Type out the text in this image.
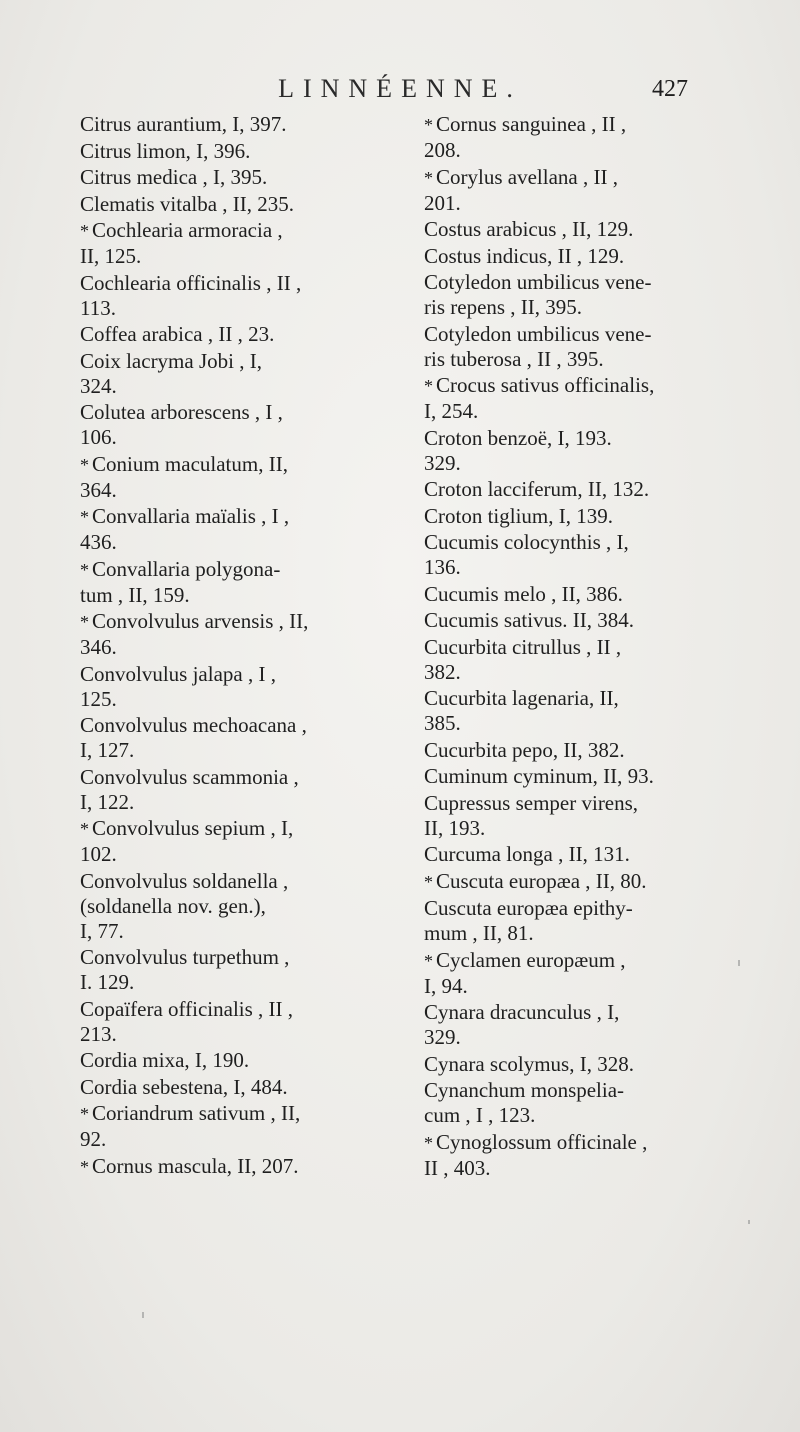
LINNÉENNE.	427
Citrus aurantium, I, 397.
Citrus limon, I, 396.
Citrus medica , I, 395.
Clematis vitalba , II, 235.
* Cochlearia armoracia ,
II, 125.
Cochlearia officinalis , II ,
113.
Coffea arabica , II , 23.
Coix lacryma Jobi , I,
324.
Colutea arborescens , I ,
106.
* Conium maculatum, II,
364.
* Convallaria maïalis , I ,
436.
* Convallaria polygona-
tum , II, 159.
* Convolvulus arvensis , II,
346.
Convolvulus jalapa , I ,
125.
Convolvulus mechoacana ,
I, 127.
Convolvulus scammonia ,
I, 122.
* Convolvulus sepium , I,
102.
Convolvulus soldanella ,
(soldanella nov. gen.),
I, 77.
Convolvulus turpethum ,
I. 129.
Copaïfera officinalis , II ,
213.
Cordia mixa, I, 190.
Cordia sebestena, I, 484.
* Coriandrum sativum , II,
92.
* Cornus mascula, II, 207.
* Cornus sanguinea , II ,
208.
* Corylus avellana , II ,
201.
Costus arabicus , II, 129.
Costus indicus, II , 129.
Cotyledon umbilicus vene-
ris repens , II, 395.
Cotyledon umbilicus vene-
ris tuberosa , II , 395.
* Crocus sativus officinalis,
I, 254.
Croton benzoë, I, 193.
329.
Croton lacciferum, II, 132.
Croton tiglium, I, 139.
Cucumis colocynthis , I,
136.
Cucumis melo , II, 386.
Cucumis sativus. II, 384.
Cucurbita citrullus , II ,
382.
Cucurbita lagenaria, II,
385.
Cucurbita pepo, II, 382.
Cuminum cyminum, II, 93.
Cupressus semper virens,
II, 193.
Curcuma longa , II, 131.
* Cuscuta europæa , II, 80.
Cuscuta europæa epithy-
mum , II, 81.
* Cyclamen europæum ,
I, 94.
Cynara dracunculus , I,
329.
Cynara scolymus, I, 328.
Cynanchum monspelia-
cum , I , 123.
* Cynoglossum officinale ,
II , 403.
